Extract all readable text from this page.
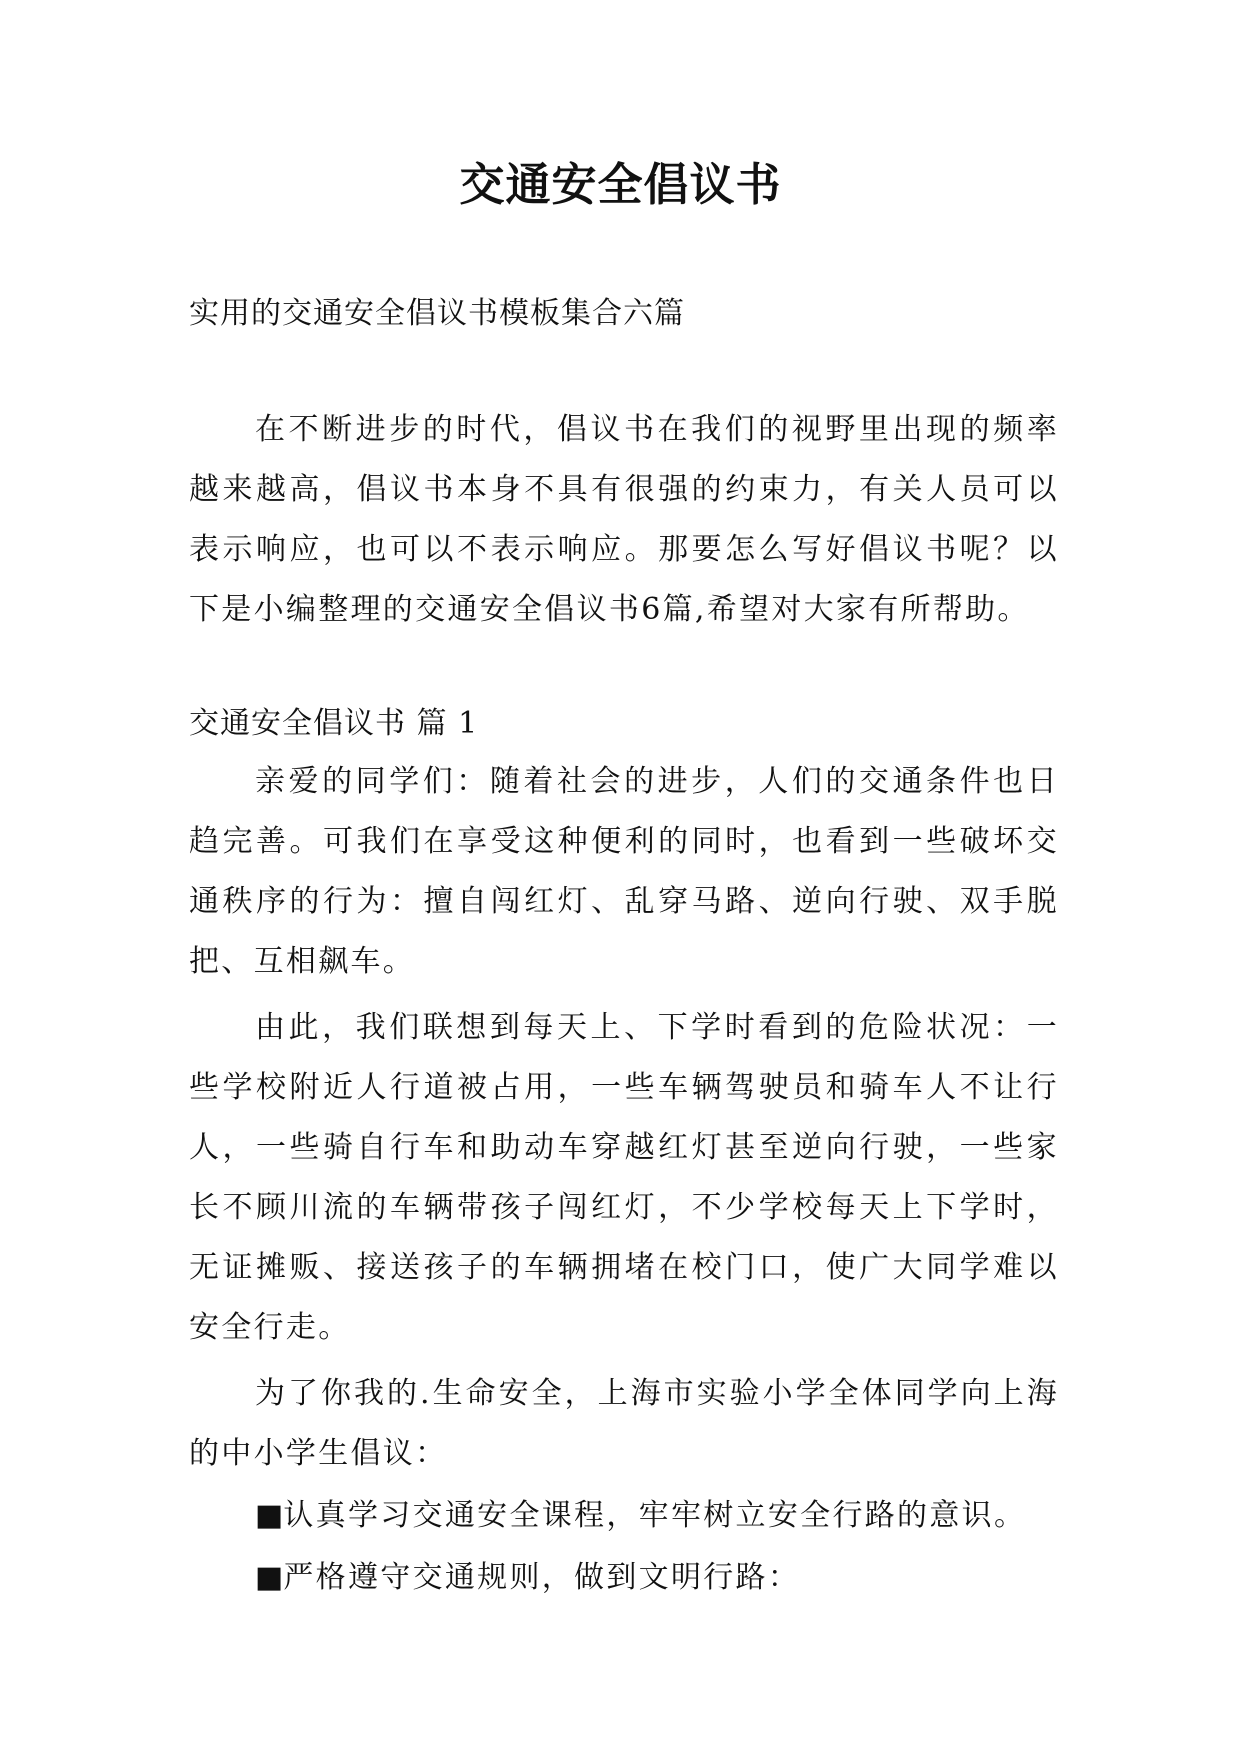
交通安全倡议书
实用的交通安全倡议书模板集合六篇

在不断进步的时代，倡议书在我们的视野里出现的频率越来越高，倡议书本身不具有很强的约束力，有关人员可以表示响应，也可以不表示响应。那要怎么写好倡议书呢？以下是小编整理的交通安全倡议书6篇,希望对大家有所帮助。

交通安全倡议书 篇 1

亲爱的同学们：随着社会的进步，人们的交通条件也日趋完善。可我们在享受这种便利的同时，也看到一些破坏交通秩序的行为：擅自闯红灯、乱穿马路、逆向行驶、双手脱把、互相飙车。

由此，我们联想到每天上、下学时看到的危险状况：一些学校附近人行道被占用，一些车辆驾驶员和骑车人不让行人，一些骑自行车和助动车穿越红灯甚至逆向行驶，一些家长不顾川流的车辆带孩子闯红灯，不少学校每天上下学时，无证摊贩、接送孩子的车辆拥堵在校门口，使广大同学难以安全行走。

为了你我的.生命安全，上海市实验小学全体同学向上海的中小学生倡议：

■认真学习交通安全课程，牢牢树立安全行路的意识。

■严格遵守交通规则，做到文明行路：
